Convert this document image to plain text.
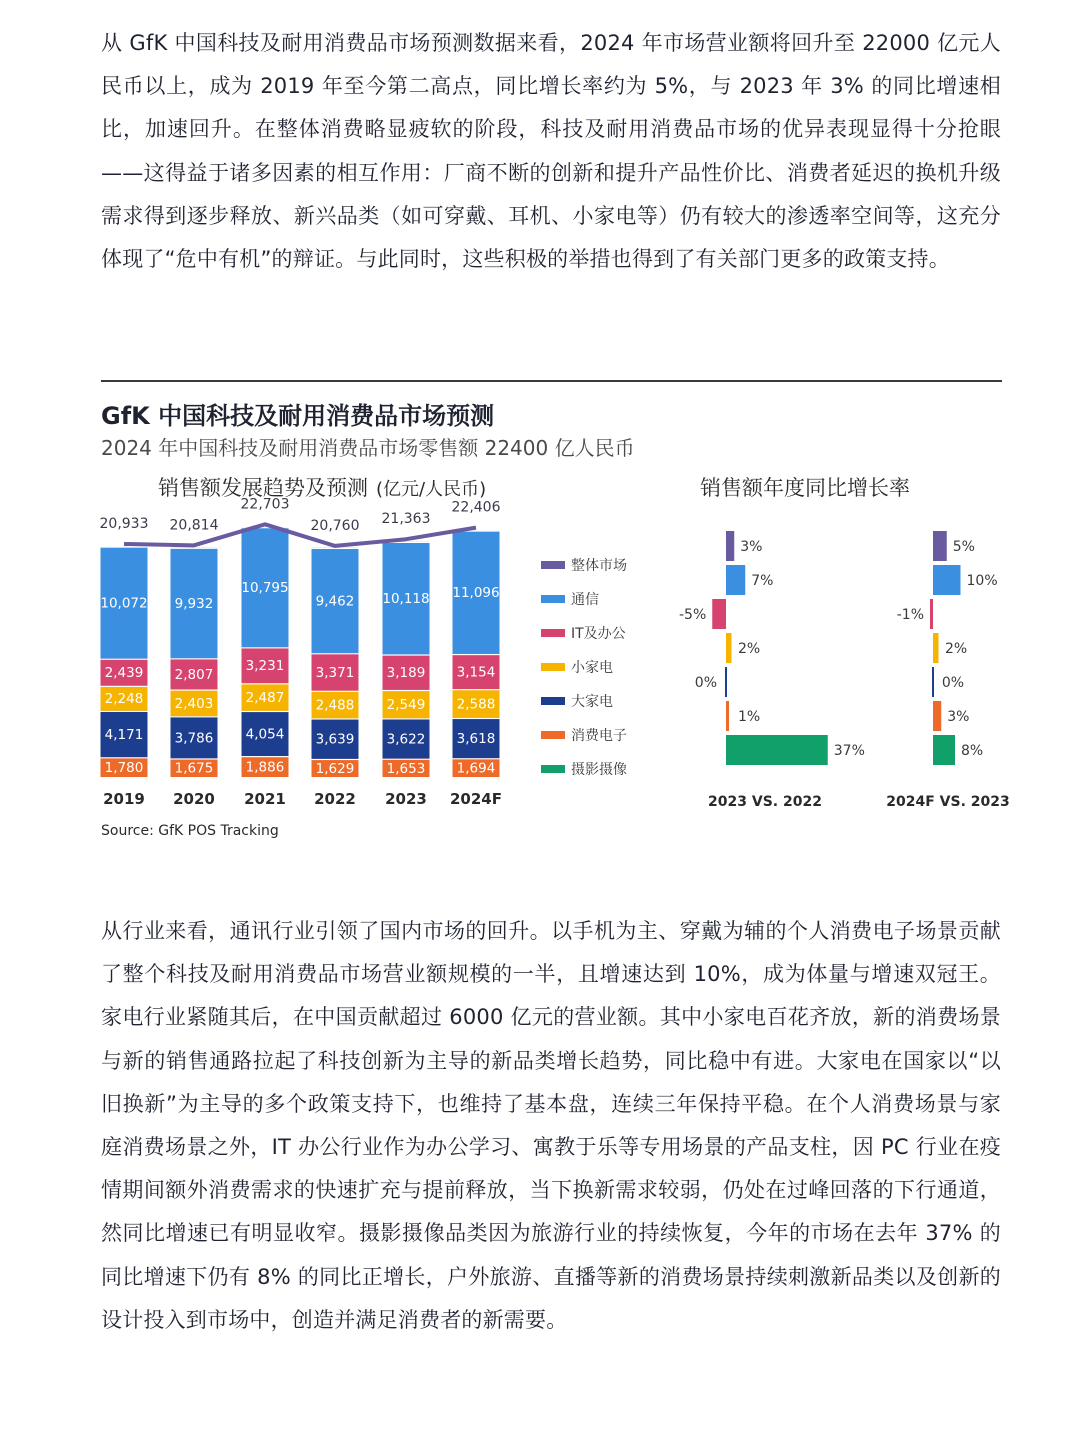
从 GfK 中国科技及耐用消费品市场预测数据来看，2024 年市场营业额将回升至 22000 亿元人民币以上，成为 2019 年至今第二高点，同比增长率约为 5%，与 2023 年 3% 的同比增速相比，加速回升。在整体消费略显疲软的阶段，科技及耐用消费品市场的优异表现显得十分抢眼——这得益于诸多因素的相互作用：厂商不断的创新和提升产品性价比、消费者延迟的换机升级需求得到逐步释放、新兴品类（如可穿戴、耳机、小家电等）仍有较大的渗透率空间等，这充分体现了“危中有机”的辩证。与此同时，这些积极的举措也得到了有关部门更多的政策支持。

GfK 中国科技及耐用消费品市场预测

2024 年中国科技及耐用消费品市场零售额 22400 亿人民币

销售额发展趋势及预测 (亿元/人民币)	销售额年度同比增长率

1,780
4,171
2,248
2,439
10,072
2019
20,933
1,675
3,786
2,403
2,807
9,932
2020
20,814
1,886
4,054
2,487
3,231
10,795
2021
22,703
1,629
3,639
2,488
3,371
9,462
2022
20,760
1,653
3,622
2,549
3,189
10,118
2023
21,363
1,694
3,618
2,588
3,154
11,096
2024F
22,406
整体市场
通信
IT及办公
小家电
大家电
消费电子
摄影摄像
3%
7%
-5%
2%
0%
1%
37%
2023 VS. 2022
5%
10%
-1%
2%
0%
3%
8%
2024F VS. 2023

Source: GfK POS Tracking

从行业来看，通讯行业引领了国内市场的回升。以手机为主、穿戴为辅的个人消费电子场景贡献了整个科技及耐用消费品市场营业额规模的一半，且增速达到 10%，成为体量与增速双冠王。家电行业紧随其后，在中国贡献超过 6000 亿元的营业额。其中小家电百花齐放，新的消费场景与新的销售通路拉起了科技创新为主导的新品类增长趋势，同比稳中有进。大家电在国家以“以旧换新”为主导的多个政策支持下，也维持了基本盘，连续三年保持平稳。在个人消费场景与家庭消费场景之外，IT 办公行业作为办公学习、寓教于乐等专用场景的产品支柱，因 PC 行业在疫情期间额外消费需求的快速扩充与提前释放，当下换新需求较弱，仍处在过峰回落的下行通道，然同比增速已有明显收窄。摄影摄像品类因为旅游行业的持续恢复，今年的市场在去年 37% 的同比增速下仍有 8% 的同比正增长，户外旅游、直播等新的消费场景持续刺激新品类以及创新的设计投入到市场中，创造并满足消费者的新需要。
